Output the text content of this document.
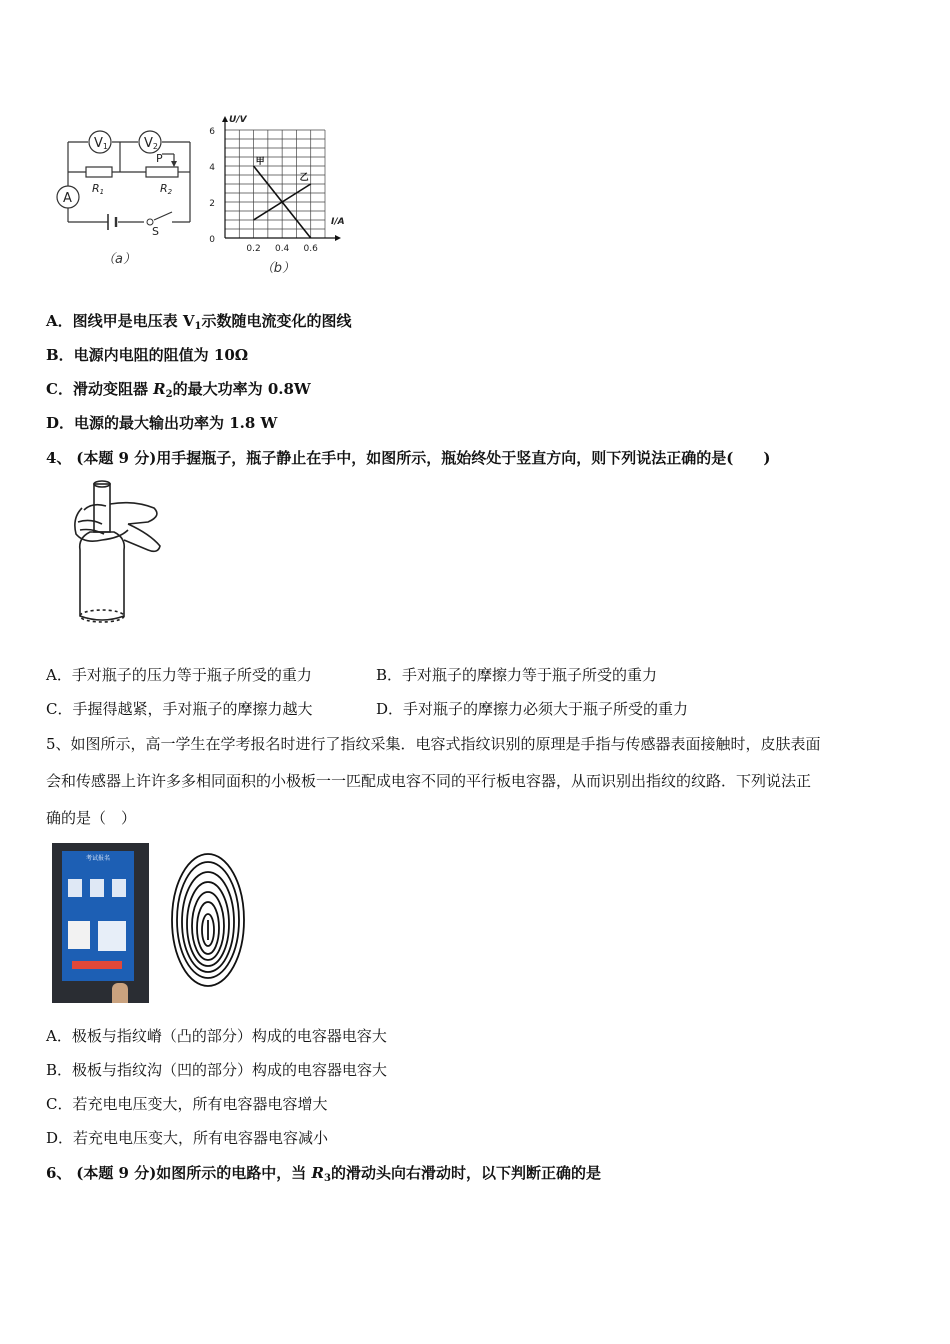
V1	V2
A
R1	R2
P
S
（a）
6
4
2
0
0.2 0.4 0.6
U/V
I/A
甲
乙
（b）
A．图线甲是电压表 $V_1$示数随电流变化的图线
B．电源内电阻的阻值为 10Ω
C．滑动变阻器 $R_2$的最大功率为 0.8W
D．电源的最大输出功率为 1.8 W
4、 (本题 9 分)用手握瓶子，瓶子静止在手中，如图所示，瓶始终处于竖直方向，则下列说法正确的是(　　)
A．手对瓶子的压力等于瓶子所受的重力	B．手对瓶子的摩擦力等于瓶子所受的重力
C．手握得越紧，手对瓶子的摩擦力越大	D．手对瓶子的摩擦力必须大于瓶子所受的重力
5、如图所示，高一学生在学考报名时进行了指纹采集．电容式指纹识别的原理是手指与传感器表面接触时，皮肤表面
会和传感器上许许多多相同面积的小极板一一匹配成电容不同的平行板电容器，从而识别出指纹的纹路．下列说法正
确的是（　）
考试报名
A．极板与指纹嵴（凸的部分）构成的电容器电容大
B．极板与指纹沟（凹的部分）构成的电容器电容大
C．若充电电压变大，所有电容器电容增大
D．若充电电压变大，所有电容器电容减小
6、 (本题 9 分)如图所示的电路中，当 $R_3$的滑动头向右滑动时，以下判断正确的是
